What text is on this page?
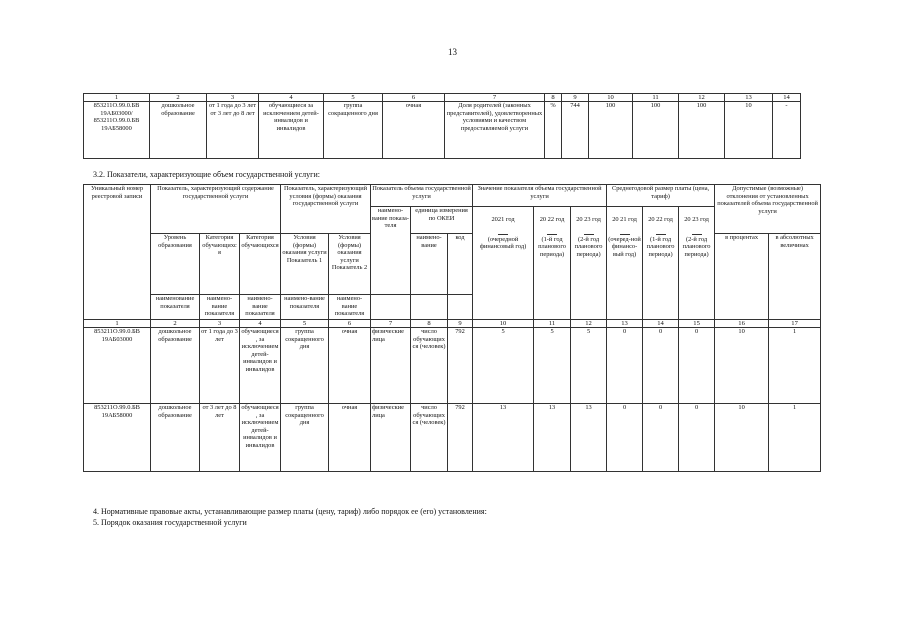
13
1	2	3	4	5	6	7	8	9	10	11	12	13	14
853211О.99.0.БВ 19АБ03000/ 853211О.99.0.БВ 19АБ58000	дошкольное образование	от 1 года до 3 лет от 3 лет до 8 лет	обучающиеся за исключением детей-инвалидов и инвалидов	группа сокращенного дня	очная	Доля родителей (законных представителей), удовлетворенных условиями и качеством предоставляемой услуги	%	744	100	100	100	10	-
3.2. Показатели, характеризующие объем государственной услуги:
Уникальный номер реестровой записи	Показатель, характеризующий содержание государственной услуги			Показатель, характеризующий условия (формы) оказания государственной услуги		Показатель объема государственной услуги			Значение показателя объема государственной услуги			Среднегодовой размер платы (цена, тариф)			Допустимые (возможные) отклонения от установленных показателей объема государственной услуги	
						наимено-вание показа-теля	единица измерения по ОКЕИ		2021 год	20 22 год	20 23 год	20 21 год	20 22 год	20 23 год		
	Уровень образования	Категория обучающихся	Категория обучающихся	Условия (формы) оказания услуги Показатель 1	Условия (формы) оказания услуги Показатель 2		наимено-вание	код	(очередной финансовый год)	(1-й год планового периода)	(2-й год планового периода)	(очеред-ной финансо-вый год)	(1-й год планового периода)	(2-й год планового периода)	в процентах	в абсолютных величинах
	наименование показателя	наимено-вание показателя	наимено-вание показателя	наимено-вание показателя	наимено-вание показателя											
1	2	3	4	5	6	7	8	9	10	11	12	13	14	15	16	17
853211О.99.0.БВ 19АБ03000	дошкольное образование	от 1 года до 3 лет	обучающиеся, за исключением детей-инвалидов и инвалидов	группа сокращенного дня	очная	физические лица	число обучающихся (человек)	792	5	5	5	0	0	0	10	1
853211О.99.0.БВ 19АБ58000	дошкольное образование	от 3 лет до 8 лет	обучающиеся, за исключением детей-инвалидов и инвалидов	группа сокращенного дня	очная	физические лица	число обучающихся (человек)	792	13	13	13	0	0	0	10	1
4. Нормативные правовые акты, устанавливающие размер платы (цену, тариф) либо порядок ее (его) установления:
5. Порядок оказания государственной услуги
